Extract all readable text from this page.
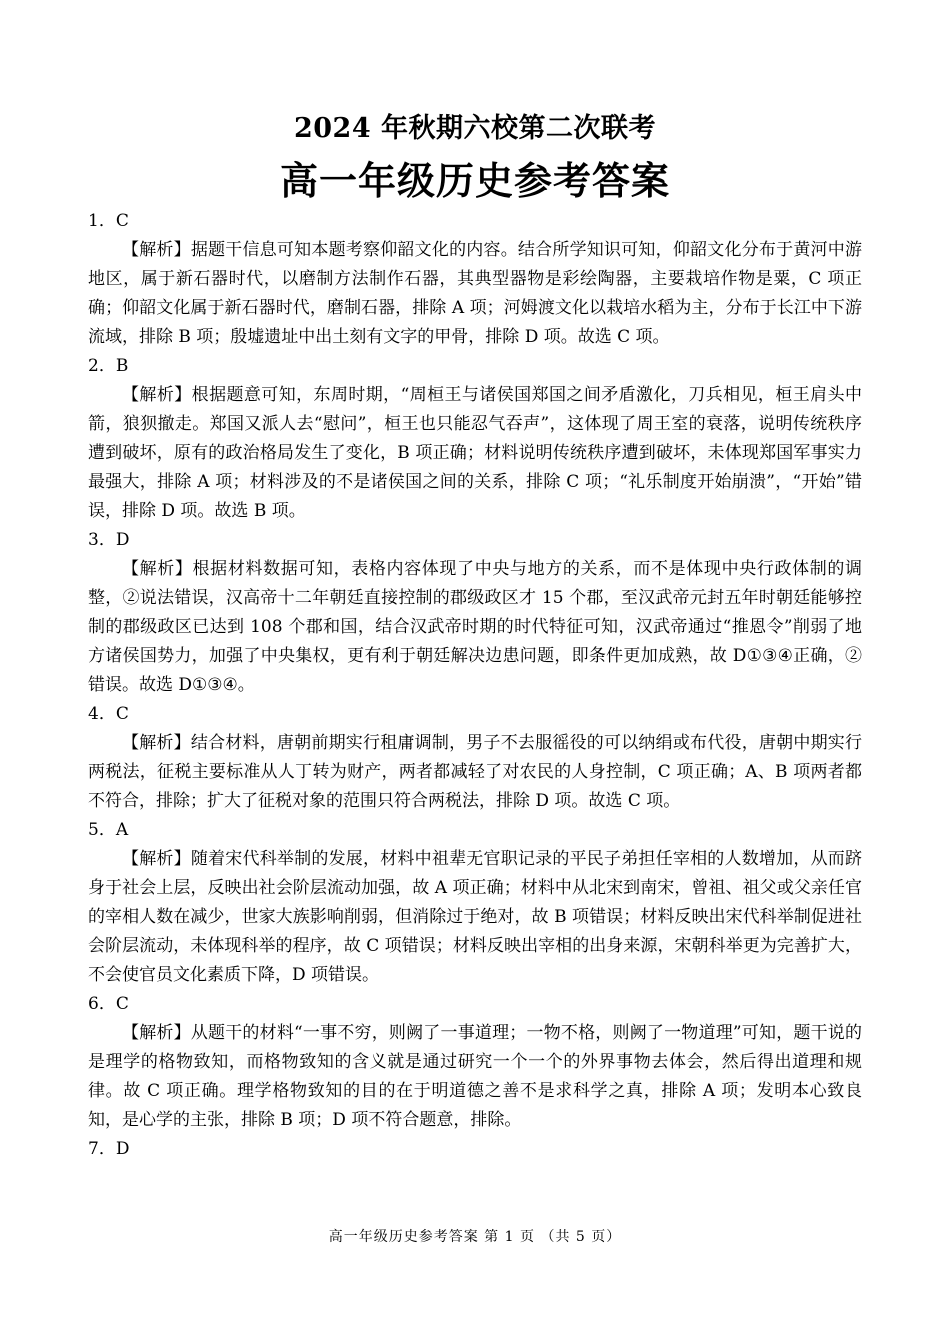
2024 年秋期六校第二次联考
高一年级历史参考答案
1．C

【解析】据题干信息可知本题考察仰韶文化的内容。结合所学知识可知，仰韶文化分布于黄河中游地区，属于新石器时代，以磨制方法制作石器，其典型器物是彩绘陶器，主要栽培作物是粟，C 项正确；仰韶文化属于新石器时代，磨制石器，排除 A 项；河姆渡文化以栽培水稻为主，分布于长江中下游流域，排除 B 项；殷墟遗址中出土刻有文字的甲骨，排除 D 项。故选 C 项。

2．B

【解析】根据题意可知，东周时期，“周桓王与诸侯国郑国之间矛盾激化，刀兵相见，桓王肩头中箭，狼狈撤走。郑国又派人去“慰问”，桓王也只能忍气吞声”，这体现了周王室的衰落，说明传统秩序遭到破坏，原有的政治格局发生了变化，B 项正确；材料说明传统秩序遭到破坏，未体现郑国军事实力最强大，排除 A 项；材料涉及的不是诸侯国之间的关系，排除 C 项；“礼乐制度开始崩溃”，“开始”错误，排除 D 项。故选 B 项。

3．D

【解析】根据材料数据可知，表格内容体现了中央与地方的关系，而不是体现中央行政体制的调整，②说法错误，汉高帝十二年朝廷直接控制的郡级政区才 15 个郡，至汉武帝元封五年时朝廷能够控制的郡级政区已达到 108 个郡和国，结合汉武帝时期的时代特征可知，汉武帝通过“推恩令”削弱了地方诸侯国势力，加强了中央集权，更有利于朝廷解决边患问题，即条件更加成熟，故 D①③④正确，②错误。故选 D①③④。

4．C

【解析】结合材料，唐朝前期实行租庸调制，男子不去服徭役的可以纳绢或布代役，唐朝中期实行两税法，征税主要标准从人丁转为财产，两者都减轻了对农民的人身控制，C 项正确；A、B 项两者都不符合，排除；扩大了征税对象的范围只符合两税法，排除 D 项。故选 C 项。

5．A

【解析】随着宋代科举制的发展，材料中祖辈无官职记录的平民子弟担任宰相的人数增加，从而跻身于社会上层，反映出社会阶层流动加强，故 A 项正确；材料中从北宋到南宋，曾祖、祖父或父亲任官的宰相人数在减少，世家大族影响削弱，但消除过于绝对，故 B 项错误；材料反映出宋代科举制促进社会阶层流动，未体现科举的程序，故 C 项错误；材料反映出宰相的出身来源，宋朝科举更为完善扩大，不会使官员文化素质下降，D 项错误。

6．C

【解析】从题干的材料“一事不穷，则阙了一事道理；一物不格，则阙了一物道理”可知，题干说的是理学的格物致知，而格物致知的含义就是通过研究一个一个的外界事物去体会，然后得出道理和规律。故 C 项正确。理学格物致知的目的在于明道德之善不是求科学之真，排除 A 项；发明本心致良知，是心学的主张，排除 B 项；D 项不符合题意，排除。

7．D
高一年级历史参考答案 第 1 页 （共 5 页）
